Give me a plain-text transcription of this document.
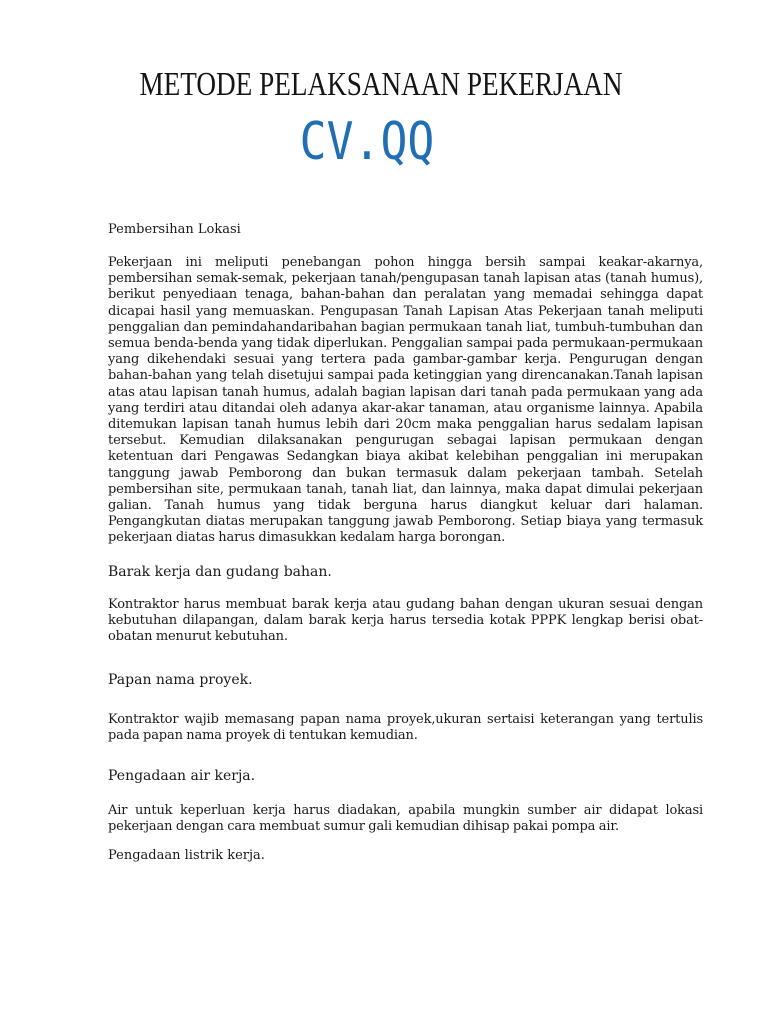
METODE PELAKSANAAN PEKERJAAN
CV.QQ

Pembersihan Lokasi

Pekerjaan ini meliputi penebangan pohon hingga bersih sampai keakar-akarnya, pembersihan semak-semak, pekerjaan tanah/pengupasan tanah lapisan atas (tanah humus), berikut penyediaan tenaga, bahan-bahan dan peralatan yang memadai sehingga dapat dicapai hasil yang memuaskan. Pengupasan Tanah Lapisan Atas Pekerjaan tanah meliputi penggalian dan pemindahandaribahan bagian permukaan tanah liat, tumbuh-tumbuhan dan semua benda-benda yang tidak diperlukan. Penggalian sampai pada permukaan-permukaan yang dikehendaki sesuai yang tertera pada gambar-gambar kerja. Pengurugan dengan bahan-bahan yang telah disetujui sampai pada ketinggian yang direncanakan.Tanah lapisan atas atau lapisan tanah humus, adalah bagian lapisan dari tanah pada permukaan yang ada yang terdiri atau ditandai oleh adanya akar-akar tanaman, atau organisme lainnya. Apabila ditemukan lapisan tanah humus lebih dari 20cm maka penggalian harus sedalam lapisan tersebut. Kemudian dilaksanakan pengurugan sebagai lapisan permukaan dengan ketentuan dari Pengawas Sedangkan biaya akibat kelebihan penggalian ini merupakan tanggung jawab Pemborong dan bukan termasuk dalam pekerjaan tambah. Setelah pembersihan site, permukaan tanah, tanah liat, dan lainnya, maka dapat dimulai pekerjaan galian. Tanah humus yang tidak berguna harus diangkut keluar dari halaman. Pengangkutan diatas merupakan tanggung jawab Pemborong. Setiap biaya yang termasuk pekerjaan diatas harus dimasukkan kedalam harga borongan.

Barak kerja dan gudang bahan.

Kontraktor harus membuat barak kerja atau gudang bahan dengan ukuran sesuai dengan kebutuhan dilapangan, dalam barak kerja harus tersedia kotak PPPK lengkap berisi obat- obatan menurut kebutuhan.

Papan nama proyek.

Kontraktor wajib memasang papan nama proyek,ukuran sertaisi keterangan yang tertulis pada papan nama proyek di tentukan kemudian.

Pengadaan air kerja.

Air untuk keperluan kerja harus diadakan, apabila mungkin sumber air didapat lokasi pekerjaan dengan cara membuat sumur gali kemudian dihisap pakai pompa air.

Pengadaan listrik kerja.
